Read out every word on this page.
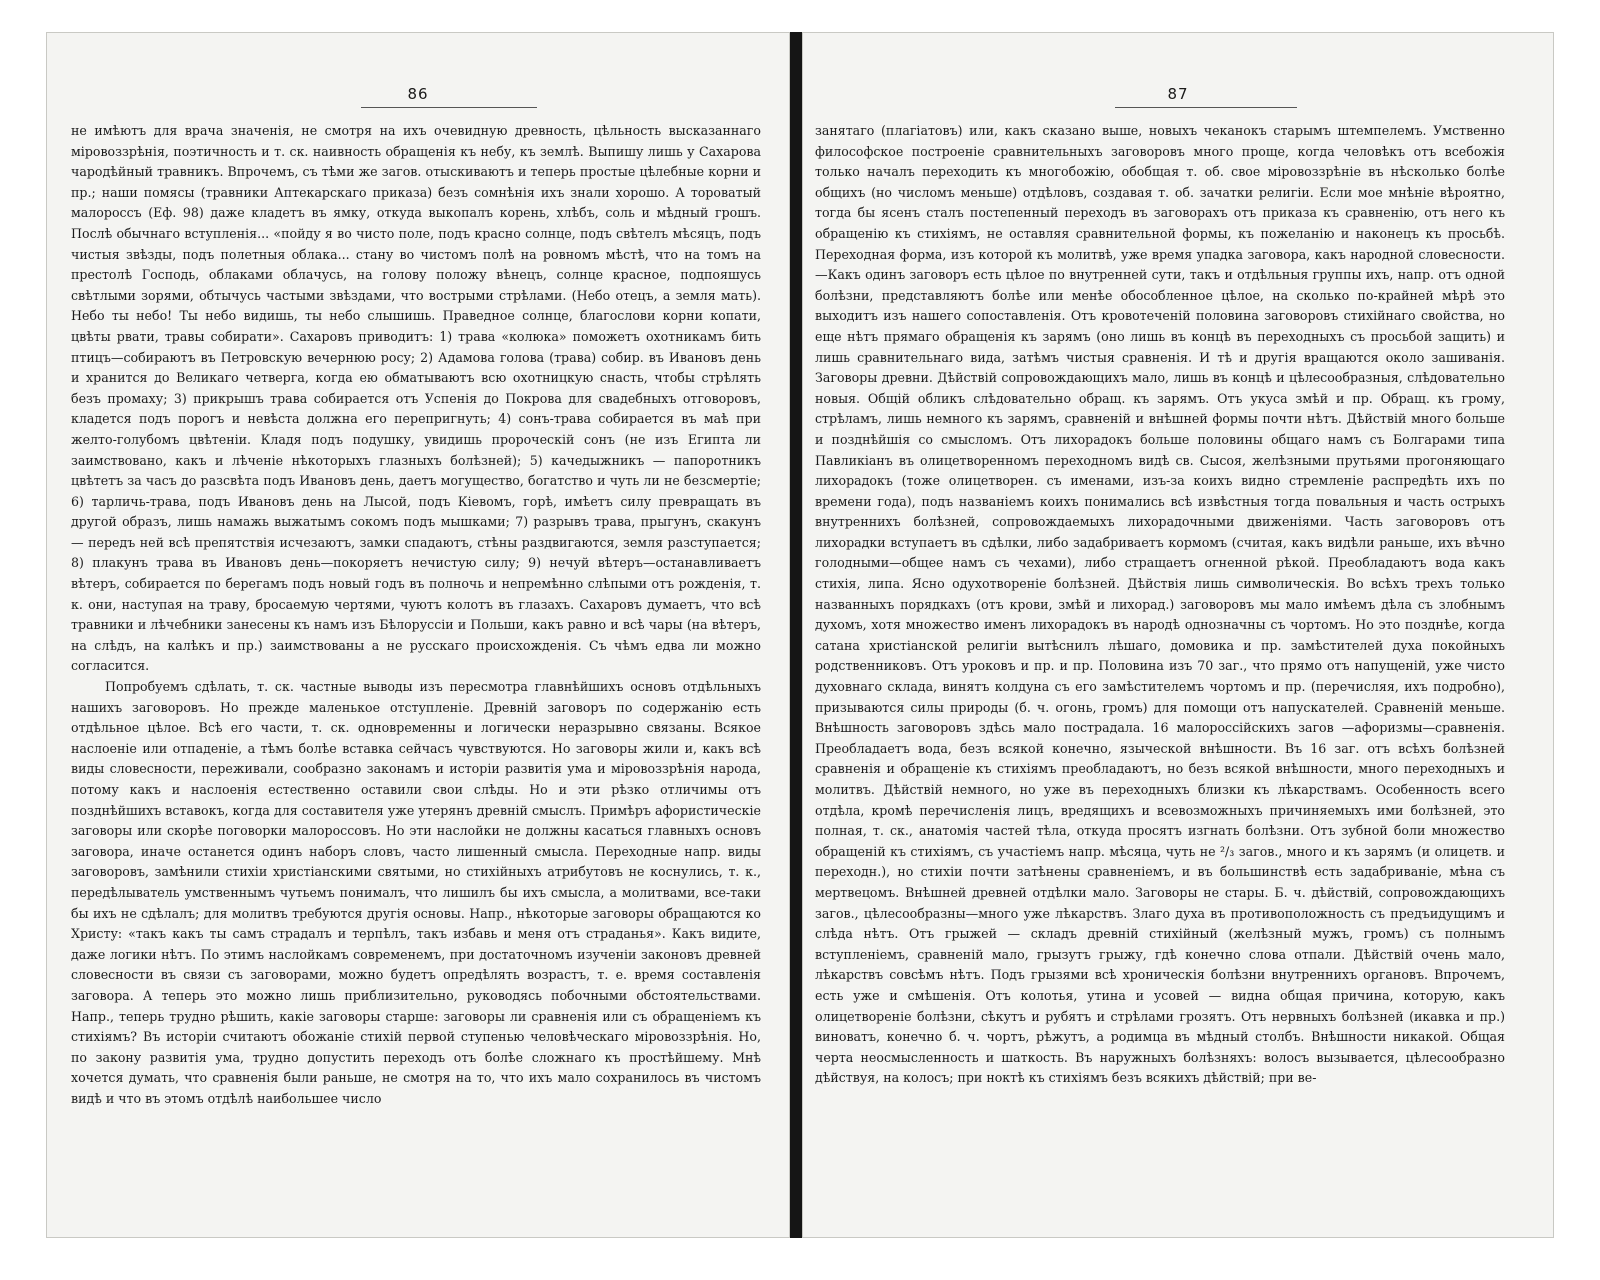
86

не имѣютъ для врача значенія, не смотря на ихъ очевидную древность, цѣльность высказаннаго міровоззрѣнія, поэтичность и т. ск. наивность обращенія къ небу, къ землѣ. Выпишу лишь у Сахарова чародѣйный травникъ. Впрочемъ, съ тѣми же загов. отыскиваютъ и теперь простые цѣлебные корни и пр.; наши помясы (травники Аптекарскаго приказа) безъ сомнѣнія ихъ знали хорошо. А тороватый малороссъ (Еф. 98) даже кладетъ въ ямку, откуда выкопалъ корень, хлѣбъ, соль и мѣдный грошъ. Послѣ обычнаго вступленія... «пойду я во чисто поле, подъ красно солнце, подъ свѣтелъ мѣсяцъ, подъ чистыя звѣзды, подъ полетныя облака... стану во чистомъ полѣ на ровномъ мѣстѣ, что на томъ на престолѣ Господь, облаками облачусь, на голову положу вѣнецъ, солнце красное, подпояшусь свѣтлыми зорями, обтычусь частыми звѣздами, что вострыми стрѣлами. (Небо отецъ, а земля мать). Небо ты небо! Ты небо видишь, ты небо слышишь. Праведное солнце, благослови корни копати, цвѣты рвати, травы собирати». Сахаровъ приводитъ: 1) трава «колюка» поможетъ охотникамъ бить птицъ—собираютъ въ Петровскую вечернюю росу; 2) Адамова голова (трава) собир. въ Ивановъ день и хранится до Великаго четверга, когда ею обматываютъ всю охотницкую снасть, чтобы стрѣлять безъ промаху; 3) прикрышъ трава собирается отъ Успенія до Покрова для свадебныхъ отговоровъ, кладется подъ порогъ и невѣста должна его перепригнуть; 4) сонъ-трава собирается въ маѣ при желто-голубомъ цвѣтеніи. Кладя подъ подушку, увидишь пророческій сонъ (не изъ Египта ли заимствовано, какъ и лѣченіе нѣкоторыхъ глазныхъ болѣзней); 5) качедыжникъ — папоротникъ цвѣтетъ за часъ до разсвѣта подъ Ивановъ день, даетъ могущество, богатство и чуть ли не безсмертіе; 6) тарличь-трава, подъ Ивановъ день на Лысой, подъ Кіевомъ, горѣ, имѣетъ силу превращать въ другой образъ, лишь намажь выжатымъ сокомъ подъ мышками; 7) разрывъ трава, прыгунъ, скакунъ — передъ ней всѣ препятствія исчезаютъ, замки спадаютъ, стѣны раздвигаются, земля разступается; 8) плакунъ трава въ Ивановъ день—покоряетъ нечистую силу; 9) нечуй вѣтеръ—останавливаетъ вѣтеръ, собирается по берегамъ подъ новый годъ въ полночь и непремѣнно слѣпыми отъ рожденія, т. к. они, наступая на траву, бросаемую чертями, чуютъ колотъ въ глазахъ. Сахаровъ думаетъ, что всѣ травники и лѣчебники занесены къ намъ изъ Бѣлоруссіи и Польши, какъ равно и всѣ чары (на вѣтеръ, на слѣдъ, на калѣкъ и пр.) заимствованы а не русскаго происхожденія. Съ чѣмъ едва ли можно согласится.

Попробуемъ сдѣлать, т. ск. частные выводы изъ пересмотра главнѣйшихъ основъ отдѣльныхъ нашихъ заговоровъ. Но прежде маленькое отступленіе. Древній заговоръ по содержанію есть отдѣльное цѣлое. Всѣ его части, т. ск. одновременны и логически неразрывно связаны. Всякое наслоеніе или отпаденіе, а тѣмъ болѣе вставка сейчасъ чувствуются. Но заговоры жили и, какъ всѣ виды словесности, переживали, сообразно законамъ и исторіи развитія ума и міровоззрѣнія народа, потому какъ и наслоенія естественно оставили свои слѣды. Но и эти рѣзко отличимы отъ позднѣйшихъ вставокъ, когда для составителя уже утерянъ древній смыслъ. Примѣръ афористическіе заговоры или скорѣе поговорки малороссовъ. Но эти наслойки не должны касаться главныхъ основъ заговора, иначе останется одинъ наборъ словъ, часто лишенный смысла. Переходные напр. виды заговоровъ, замѣнили стихіи христіанскими святыми, но стихійныхъ атрибутовъ не коснулись, т. к., передѣлыватель умственнымъ чутьемъ понималъ, что лишилъ бы ихъ смысла, а молитвами, все-таки бы ихъ не сдѣлалъ; для молитвъ требуются другія основы. Напр., нѣкоторые заговоры обращаются ко Христу: «такъ какъ ты самъ страдалъ и терпѣлъ, такъ избавь и меня отъ страданья». Какъ видите, даже логики нѣтъ. По этимъ наслойкамъ современемъ, при достаточномъ изученіи законовъ древней словесности въ связи съ заговорами, можно будетъ опредѣлять возрастъ, т. е. время составленія заговора. А теперь это можно лишь приблизительно, руководясь побочными обстоятельствами. Напр., теперь трудно рѣшить, какіе заговоры старше: заговоры ли сравненія или съ обращеніемъ къ стихіямъ? Въ исторіи считаютъ обожаніе стихій первой ступенью человѣческаго міровоззрѣнія. Но, по закону развитія ума, трудно допустить переходъ отъ болѣе сложнаго къ простѣйшему. Мнѣ хочется думать, что сравненія были раньше, не смотря на то, что ихъ мало сохранилось въ чистомъ видѣ и что въ этомъ отдѣлѣ наибольшее число

87

занятаго (плагіатовъ) или, какъ сказано выше, новыхъ чеканокъ старымъ штемпелемъ. Умственно философское построеніе сравнительныхъ заговоровъ много проще, когда человѣкъ отъ всебожія только началъ переходить къ многобожію, обобщая т. об. свое міровоззрѣніе въ нѣсколько болѣе общихъ (но числомъ меньше) отдѣловъ, создавая т. об. зачатки религіи. Если мое мнѣніе вѣроятно, тогда бы ясенъ сталъ постепенный переходъ въ заговорахъ отъ приказа къ сравненію, отъ него къ обращенію къ стихіямъ, не оставляя сравнительной формы, къ пожеланію и наконецъ къ просьбѣ. Переходная форма, изъ которой къ молитвѣ, уже время упадка заговора, какъ народной словесности.—Какъ одинъ заговоръ есть цѣлое по внутренней сути, такъ и отдѣльныя группы ихъ, напр. отъ одной болѣзни, представляютъ болѣе или менѣе обособленное цѣлое, на сколько по-крайней мѣрѣ это выходитъ изъ нашего сопоставленія. Отъ кровотеченій половина заговоровъ стихійнаго свойства, но еще нѣтъ прямаго обращенія къ зарямъ (оно лишь въ концѣ въ переходныхъ съ просьбой защить) и лишь сравнительнаго вида, затѣмъ чистыя сравненія. И тѣ и другія вращаются около зашиванія. Заговоры древни. Дѣйствій сопровождающихъ мало, лишь въ концѣ и цѣлесообразныя, слѣдовательно новыя. Общій обликъ слѣдовательно обращ. къ зарямъ. Отъ укуса змѣй и пр. Обращ. къ грому, стрѣламъ, лишь немного къ зарямъ, сравненій и внѣшней формы почти нѣтъ. Дѣйствій много больше и позднѣйшія со смысломъ. Отъ лихорадокъ больше половины общаго намъ съ Болгарами типа Павликіанъ въ олицетворенномъ переходномъ видѣ св. Сысоя, желѣзными прутьями прогоняющаго лихорадокъ (тоже олицетворен. съ именами, изъ-за коихъ видно стремленіе распредѣть ихъ по времени года), подъ названіемъ коихъ понимались всѣ извѣстныя тогда повальныя и часть острыхъ внутреннихъ болѣзней, сопровождаемыхъ лихорадочными движеніями. Часть заговоровъ отъ лихорадки вступаетъ въ сдѣлки, либо задабриваетъ кормомъ (считая, какъ видѣли раньше, ихъ вѣчно голодными—общее намъ съ чехами), либо стращаетъ огненной рѣкой. Преобладаютъ вода какъ стихія, липа. Ясно одухотвореніе болѣзней. Дѣйствія лишь символическія. Во всѣхъ трехъ только названныхъ порядкахъ (отъ крови, змѣй и лихорад.) заговоровъ мы мало имѣемъ дѣла съ злобнымъ духомъ, хотя множество именъ лихорадокъ въ народѣ однозначны съ чортомъ. Но это позднѣе, когда сатана христіанской религіи вытѣснилъ лѣшаго, домовика и пр. замѣстителей духа покойныхъ родственниковъ. Отъ уроковъ и пр. и пр. Половина изъ 70 заг., что прямо отъ напущеній, уже чисто духовнаго склада, винятъ колдуна съ его замѣстителемъ чортомъ и пр. (перечисляя, ихъ подробно), призываются силы природы (б. ч. огонь, громъ) для помощи отъ напускателей. Сравненій меньше. Внѣшность заговоровъ здѣсь мало пострадала. 16 малороссійскихъ загов —афоризмы—сравненія. Преобладаетъ вода, безъ всякой конечно, языческой внѣшности. Въ 16 заг. отъ всѣхъ болѣзней сравненія и обращеніе къ стихіямъ преобладаютъ, но безъ всякой внѣшности, много переходныхъ и молитвъ. Дѣйствій немного, но уже въ переходныхъ близки къ лѣкарствамъ. Особенность всего отдѣла, кромѣ перечисленія лицъ, вредящихъ и всевозможныхъ причиняемыхъ ими болѣзней, это полная, т. ск., анатомія частей тѣла, откуда просятъ изгнать болѣзни. Отъ зубной боли множество обращеній къ стихіямъ, съ участіемъ напр. мѣсяца, чуть не ²/₃ загов., много и къ зарямъ (и олицетв. и переходн.), но стихіи почти затѣнены сравненіемъ, и въ большинствѣ есть задабриваніе, мѣна съ мертвецомъ. Внѣшней древней отдѣлки мало. Заговоры не стары. Б. ч. дѣйствій, сопровождающихъ загов., цѣлесообразны—много уже лѣкарствъ. Злаго духа въ противоположность съ предъидущимъ и слѣда нѣтъ. Отъ грыжей — складъ древній стихійный (желѣзный мужъ, громъ) съ полнымъ вступленіемъ, сравненій мало, грызутъ грыжу, гдѣ конечно слова отпали. Дѣйствій очень мало, лѣкарствъ совсѣмъ нѣтъ. Подъ грызями всѣ хроническія болѣзни внутреннихъ органовъ. Впрочемъ, есть уже и смѣшенія. Отъ колотья, утина и усовей — видна общая причина, которую, какъ олицетвореніе болѣзни, сѣкутъ и рубятъ и стрѣлами грозятъ. Отъ нервныхъ болѣзней (икавка и пр.) виноватъ, конечно б. ч. чортъ, рѣжутъ, а родимца въ мѣдный столбъ. Внѣшности никакой. Общая черта неосмысленность и шаткость. Въ наружныхъ болѣзняхъ: волосъ вызывается, цѣлесообразно дѣйствуя, на колосъ; при ноктѣ къ стихіямъ безъ всякихъ дѣйствій; при ве-
